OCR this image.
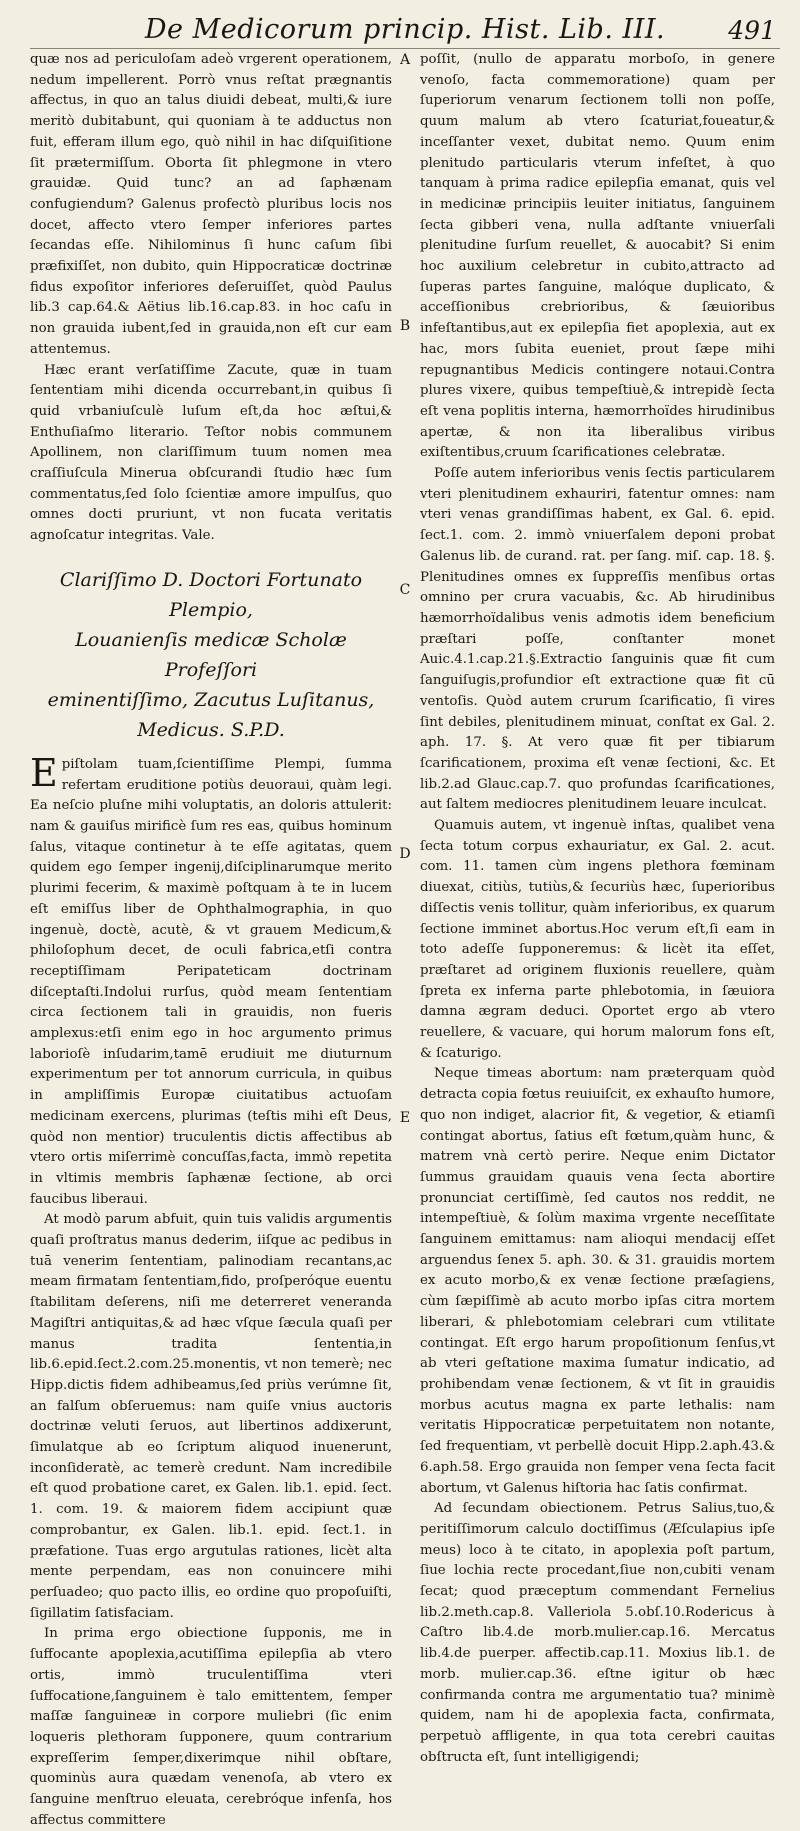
De Medicorum princip. Hist. Lib. III.	491
A
B
C
D
E

quæ nos ad periculoſam adeò vrgerent operationem, nedum impellerent. Porrò vnus reſtat prægnantis affectus, in quo an talus diuidi debeat, multi,& iure meritò dubitabunt, qui quoniam à te adductus non fuit, efferam illum ego, quò nihil in hac diſquiſitione ſit prætermiſſum. Oborta ſit phlegmone in vtero grauidæ. Quid tunc? an ad ſaphænam confugiendum? Galenus profectò pluribus locis nos docet, affecto vtero ſemper inferiores partes ſecandas eſſe. Nihilominus ſi hunc caſum ſibi præfixiſſet, non dubito, quin Hippocraticæ doctrinæ fidus expoſitor inferiores deſeruiſſet, quòd Paulus lib.3 cap.64.& Aëtius lib.16.cap.83. in hoc caſu in non grauida iubent,ſed in grauida,non eſt cur eam attentemus.

Hæc erant verſatiſſime Zacute, quæ in tuam ſententiam mihi dicenda occurrebant,in quibus ſi quid vrbaniuſculè luſum eſt,da hoc æſtui,& Enthuſiaſmo literario. Teſtor nobis communem Apollinem, non clariſſimum tuum nomen mea craſſiuſcula Minerua obſcurandi ſtudio hæc ſum commentatus,ſed ſolo ſcientiæ amore impulſus, quo omnes docti pruriunt, vt non fucata veritatis agnoſcatur integritas. Vale.

Clariſſimo D. Doctori Fortunato Plempio,
Louanienſis medicæ Scholæ Profeſſori
eminentiſſimo, Zacutus Luſitanus,
Medicus. S.P.D.

Epiſtolam tuam,ſcientiſſime Plempi, ſumma refertam eruditione potiùs deuoraui, quàm legi. Ea neſcio pluſne mihi voluptatis, an doloris attulerit: nam & gauiſus mirificè ſum res eas, quibus hominum ſalus, vitaque continetur à te eſſe agitatas, quem quidem ego ſemper ingenij,diſciplinarumque merito plurimi fecerim, & maximè poſtquam à te in lucem eſt emiſſus liber de Ophthalmographia, in quo ingenuè, doctè, acutè, & vt grauem Medicum,& philoſophum decet, de oculi fabrica,etſi contra receptiſſimam Peripateticam doctrinam diſceptaſti.Indolui rurſus, quòd meam ſententiam circa ſectionem tali in grauidis, non fueris amplexus:etſi enim ego in hoc argumento primus laborioſè inſudarim,tamē erudiuit me diuturnum experimentum per tot annorum curricula, in quibus in ampliſſimis Europæ ciuitatibus actuoſam medicinam exercens, plurimas (teſtis mihi eſt Deus, quòd non mentior) truculentis dictis affectibus ab vtero ortis miſerrimè concuſſas,facta, immò repetita in vltimis membris ſaphænæ ſectione, ab orci faucibus liberaui.

At modò parum abfuit, quin tuis validis argumentis quaſi proſtratus manus dederim, iiſque ac pedibus in tuā venerim ſententiam, palinodiam recantans,ac meam firmatam ſententiam,fido, proſperóque euentu ſtabilitam deſerens, niſi me deterreret veneranda Magiſtri antiquitas,& ad hæc vſque ſæcula quaſi per manus tradita ſententia,in lib.6.epid.ſect.2.com.25.monentis, vt non temerè; nec Hipp.dictis fidem adhibeamus,ſed priùs verúmne ſit, an falſum obſeruemus: nam quiſe vnius auctoris doctrinæ veluti ſeruos, aut libertinos addixerunt, ſimulatque ab eo ſcriptum aliquod inuenerunt, inconſideratè, ac temerè credunt. Nam incredibile eſt quod probatione caret, ex Galen. lib.1. epid. ſect. 1. com. 19. & maiorem fidem accipiunt quæ comprobantur, ex Galen. lib.1. epid. ſect.1. in præfatione. Tuas ergo argutulas rationes, licèt alta mente perpendam, eas non conuincere mihi perſuadeo; quo pacto illis, eo ordine quo propoſuiſti, ſigillatim ſatisfaciam.

In prima ergo obiectione ſupponis, me in ſuffocante apoplexia,acutiſſima epilepſia ab vtero ortis, immò truculentiſſima vteri ſuffocatione,ſanguinem è talo emittentem, ſemper maſſæ ſanguineæ in corpore muliebri (ſic enim loqueris plethoram ſupponere, quum contrarium expreſſerim ſemper,dixerimque nihil obſtare, quominùs aura quædam venenoſa, ab vtero ex ſanguine menſtruo eleuata, cerebróque infenſa, hos affectus committere

poſſit, (nullo de apparatu morboſo, in genere venoſo, facta commemoratione) quam per ſuperiorum venarum ſectionem tolli non poſſe, quum malum ab vtero ſcaturiat,foueatur,& inceſſanter vexet, dubitat nemo. Quum enim plenitudo particularis vterum infeſtet, à quo tanquam à prima radice epilepſia emanat, quis vel in medicinæ principiis leuiter initiatus, ſanguinem ſecta gibberi vena, nulla adſtante vniuerſali plenitudine ſurſum reuellet, & auocabit? Si enim hoc auxilium celebretur in cubito,attracto ad ſuperas partes ſanguine, malóque duplicato, & acceſſionibus crebrioribus, & ſæuioribus infeſtantibus,aut ex epilepſia fiet apoplexia, aut ex hac, mors ſubita eueniet, prout ſæpe mihi repugnantibus Medicis contingere notaui.Contra plures vixere, quibus tempeſtiuè,& intrepidè ſecta eſt vena poplitis interna, hæmorrhoïdes hirudinibus apertæ, & non ita liberalibus viribus exiſtentibus,cruum ſcarificationes celebratæ.

Poſſe autem inferioribus venis ſectis particularem vteri plenitudinem exhauriri, fatentur omnes: nam vteri venas grandiſſimas habent, ex Gal. 6. epid. ſect.1. com. 2. immò vniuerſalem deponi probat Galenus lib. de curand. rat. per ſang. miſ. cap. 18. §. Plenitudines omnes ex ſuppreſſis menſibus ortas omnino per crura vacuabis, &c. Ab hirudinibus hæmorrhoïdalibus venis admotis idem beneficium præſtari poſſe, conſtanter monet Auic.4.1.cap.21.§.Extractio ſanguinis quæ fit cum ſanguiſugis,profundior eſt extractione quæ fit cū ventoſis. Quòd autem crurum ſcarificatio, ſi vires ſint debiles, plenitudinem minuat, conſtat ex Gal. 2. aph. 17. §. At vero quæ fit per tibiarum ſcarificationem, proxima eſt venæ ſectioni, &c. Et lib.2.ad Glauc.cap.7. quo profundas ſcarificationes, aut ſaltem mediocres plenitudinem leuare inculcat.

Quamuis autem, vt ingenuè inſtas, qualibet vena ſecta totum corpus exhauriatur, ex Gal. 2. acut. com. 11. tamen cùm ingens plethora fœminam diuexat, citiùs, tutiùs,& ſecuriùs hæc, ſuperioribus diſſectis venis tollitur, quàm inferioribus, ex quarum ſectione imminet abortus.Hoc verum eſt,ſi eam in toto adeſſe ſupponeremus: & licèt ita eſſet, præſtaret ad originem fluxionis reuellere, quàm ſpreta ex inferna parte phlebotomia, in ſæuiora damna ægram deduci. Oportet ergo ab vtero reuellere, & vacuare, qui horum malorum fons eſt, & ſcaturigo.

Neque timeas abortum: nam præterquam quòd detracta copia fœtus reuiuiſcit, ex exhauſto humore, quo non indiget, alacrior fit, & vegetior, & etiamſi contingat abortus, ſatius eſt fœtum,quàm hunc, & matrem vnà certò perire. Neque enim Dictator ſummus grauidam quauis vena ſecta abortire pronunciat certiſſimè, ſed cautos nos reddit, ne intempeſtiuè, & ſolùm maxima vrgente neceſſitate ſanguinem emittamus: nam alioqui mendacij eſſet arguendus ſenex 5. aph. 30. & 31. grauidis mortem ex acuto morbo,& ex venæ ſectione præſagiens, cùm ſæpiſſimè ab acuto morbo ipſas citra mortem liberari, & phlebotomiam celebrari cum vtilitate contingat. Eſt ergo harum propoſitionum ſenſus,vt ab vteri geſtatione maxima ſumatur indicatio, ad prohibendam venæ ſectionem, & vt ſit in grauidis morbus acutus magna ex parte lethalis: nam veritatis Hippocraticæ perpetuitatem non notante, ſed frequentiam, vt perbellè docuit Hipp.2.aph.43.& 6.aph.58. Ergo grauida non ſemper vena ſecta facit abortum, vt Galenus hiſtoria hac ſatis confirmat.

Ad ſecundam obiectionem. Petrus Salius,tuo,& peritiſſimorum calculo doctiſſimus (Æſculapius ipſe meus) loco à te citato, in apoplexia poſt partum, ſiue lochia recte procedant,ſiue non,cubiti venam ſecat; quod præceptum commendant Fernelius lib.2.meth.cap.8. Valleriola 5.obſ.10.Rodericus à Caſtro lib.4.de morb.mulier.cap.16. Mercatus lib.4.de puerper. affectib.cap.11. Moxius lib.1. de morb. mulier.cap.36. eſtne igitur ob hæc confirmanda contra me argumentatio tua? minimè quidem, nam hi de apoplexia facta, confirmata, perpetuò affligente, in qua tota cerebri cauitas obſtructa eſt, ſunt intelligigendi;
